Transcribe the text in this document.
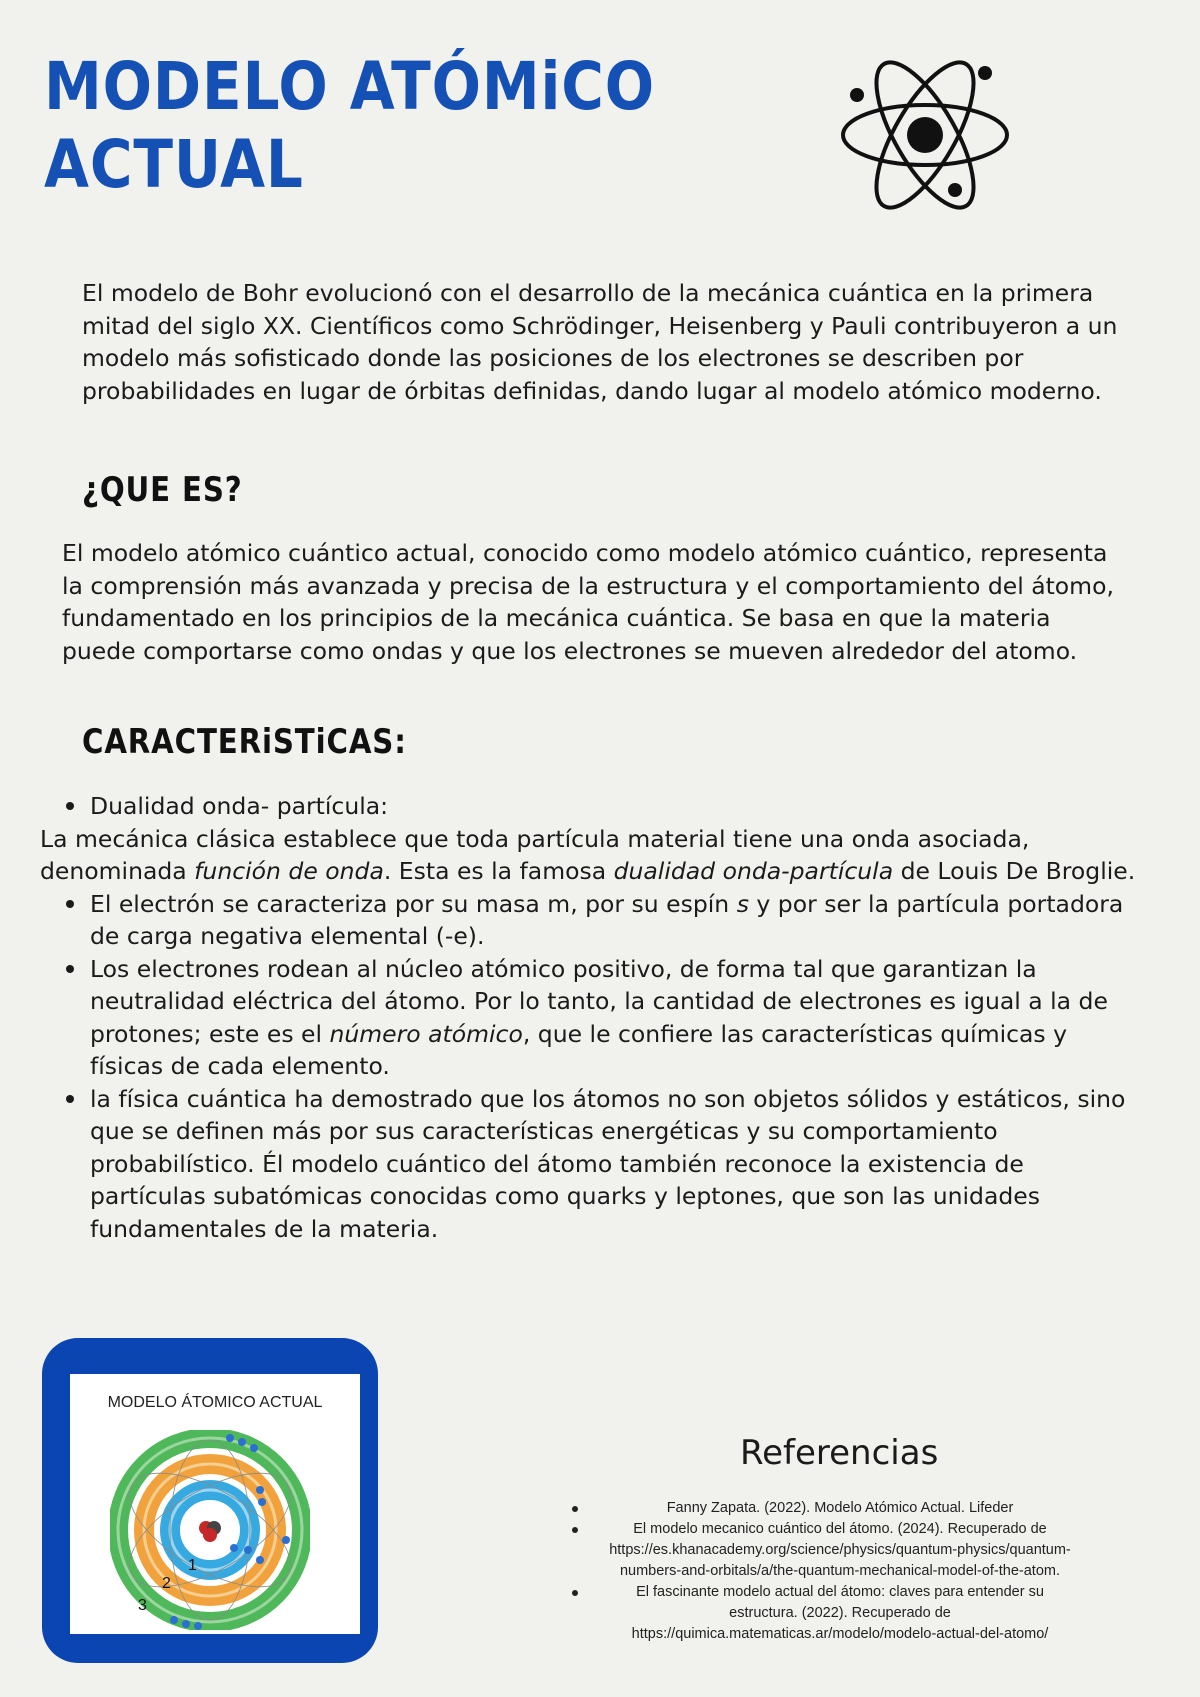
MODELO ATÓMiCO
ACTUAL

El modelo de Bohr evolucionó con el desarrollo de la mecánica cuántica en la primera mitad del siglo XX. Científicos como Schrödinger, Heisenberg y Pauli contribuyeron a un modelo más sofisticado donde las posiciones de los electrones se describen por probabilidades en lugar de órbitas definidas, dando lugar al modelo atómico moderno.

¿QUE ES?

El modelo atómico cuántico actual, conocido como modelo atómico cuántico, representa la comprensión más avanzada y precisa de la estructura y el comportamiento del átomo, fundamentado en los principios de la mecánica cuántica. Se basa en que la materia puede comportarse como ondas y que los electrones se mueven alrededor del atomo.

CARACTERiSTiCAS:
Dualidad onda- partícula:
La mecánica clásica establece que toda partícula material tiene una onda asociada, denominada función de onda. Esta es la famosa dualidad onda-partícula de Louis De Broglie.
El electrón se caracteriza por su masa m, por su espín s y por ser la partícula portadora de carga negativa elemental (-e).
Los electrones rodean al núcleo atómico positivo, de forma tal que garantizan la neutralidad eléctrica del átomo. Por lo tanto, la cantidad de electrones es igual a la de protones; este es el número atómico, que le confiere las características químicas y físicas de cada elemento.
la física cuántica ha demostrado que los átomos no son objetos sólidos y estáticos, sino que se definen más por sus características energéticas y su comportamiento probabilístico. Él modelo cuántico del átomo también reconoce la existencia de partículas subatómicas conocidas como quarks y leptones, que son las unidades fundamentales de la materia.
MODELO ÁTOMICO ACTUAL
1
2
3
Referencias
Fanny Zapata. (2022). Modelo Atómico Actual. Lifeder
El modelo mecanico cuántico del átomo. (2024). Recuperado de https://es.khanacademy.org/science/physics/quantum-physics/quantum-numbers-and-orbitals/a/the-quantum-mechanical-model-of-the-atom.
El fascinante modelo actual del átomo: claves para entender su estructura. (2022). Recuperado de https://quimica.matematicas.ar/modelo/modelo-actual-del-atomo/
